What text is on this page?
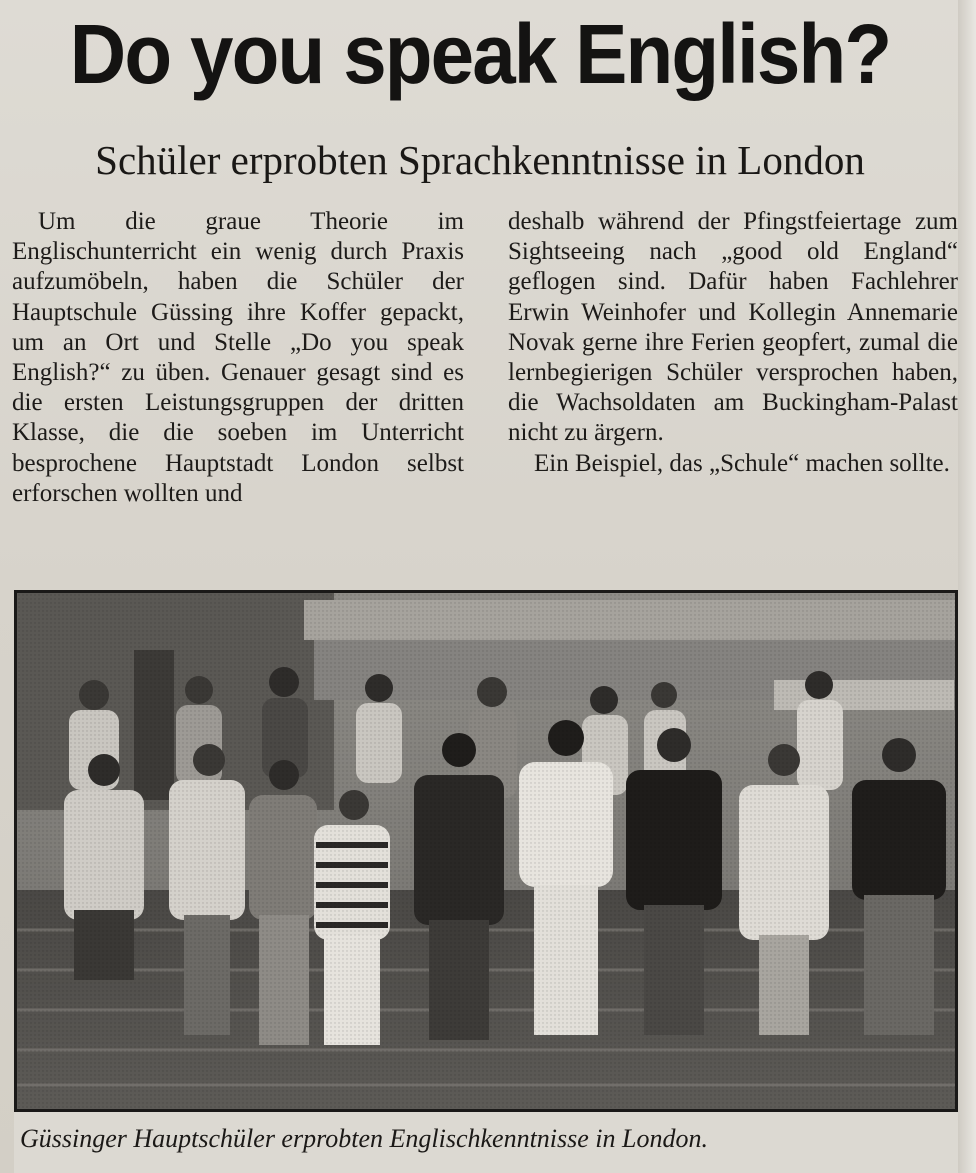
Do you speak English?
Schüler erprobten Sprachkenntnisse in London

Um die graue Theorie im Englischunterricht ein wenig durch Praxis aufzumöbeln, haben die Schüler der Hauptschule Güssing ihre Koffer gepackt, um an Ort und Stelle „Do you speak English?“ zu üben. Genauer gesagt sind es die ersten Leistungsgruppen der dritten Klasse, die die soeben im Unterricht besprochene Hauptstadt London selbst erforschen wollten und

deshalb während der Pfingstfeiertage zum Sightseeing nach „good old England“ geflogen sind. Dafür haben Fachlehrer Erwin Weinhofer und Kollegin Annemarie Novak gerne ihre Ferien geopfert, zumal die lernbegierigen Schüler versprochen haben, die Wachsoldaten am Buckingham-Palast nicht zu ärgern.

Ein Beispiel, das „Schule“ machen sollte.

Güssinger Hauptschüler erprobten Englischkenntnisse in London.
